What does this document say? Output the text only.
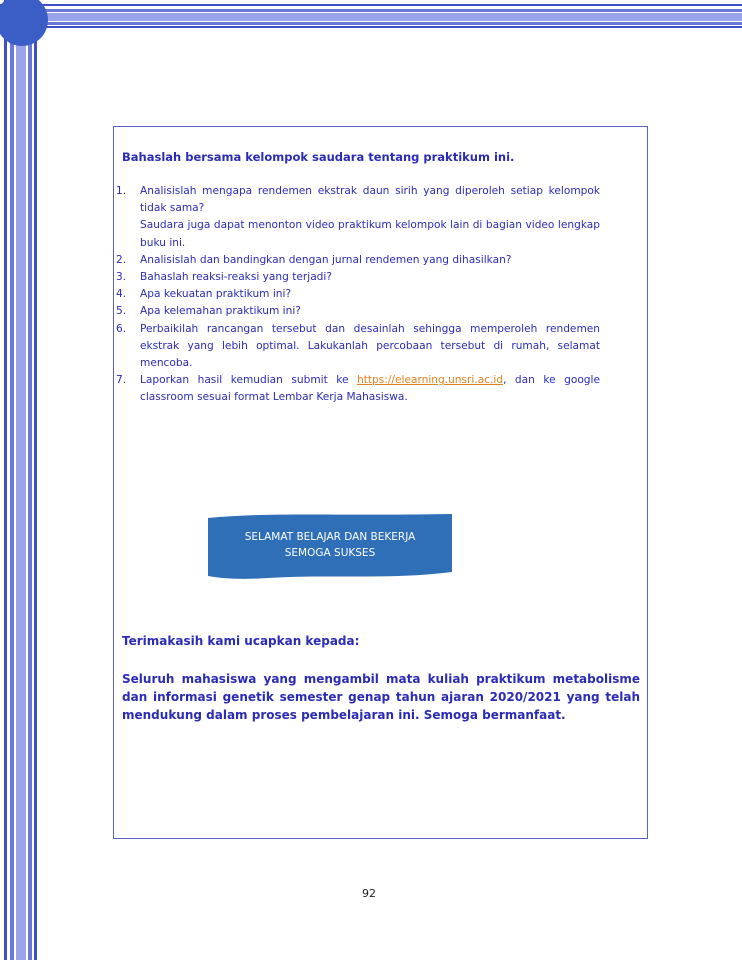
Bahaslah bersama kelompok saudara tentang praktikum ini.
1. Analisislah mengapa rendemen ekstrak daun sirih yang diperoleh setiap kelompok tidak sama?
Saudara juga dapat menonton video praktikum kelompok lain di bagian video lengkap buku ini.
2. Analisislah dan bandingkan dengan jurnal rendemen yang dihasilkan?
3. Bahaslah reaksi-reaksi yang terjadi?
4. Apa kekuatan praktikum ini?
5. Apa kelemahan praktikum ini?
6. Perbaikilah rancangan tersebut dan desainlah sehingga memperoleh rendemen ekstrak yang lebih optimal. Lakukanlah percobaan tersebut di rumah, selamat mencoba.
7. Laporkan hasil kemudian submit ke https://elearning.unsri.ac.id, dan ke google classroom sesuai format Lembar Kerja Mahasiswa.
SELAMAT BELAJAR DAN BEKERJA
SEMOGA SUKSES
Terimakasih kami ucapkan kepada:
Seluruh mahasiswa yang mengambil mata kuliah praktikum metabolisme dan informasi genetik semester genap tahun ajaran 2020/2021 yang telah mendukung dalam proses pembelajaran ini. Semoga bermanfaat.
92
